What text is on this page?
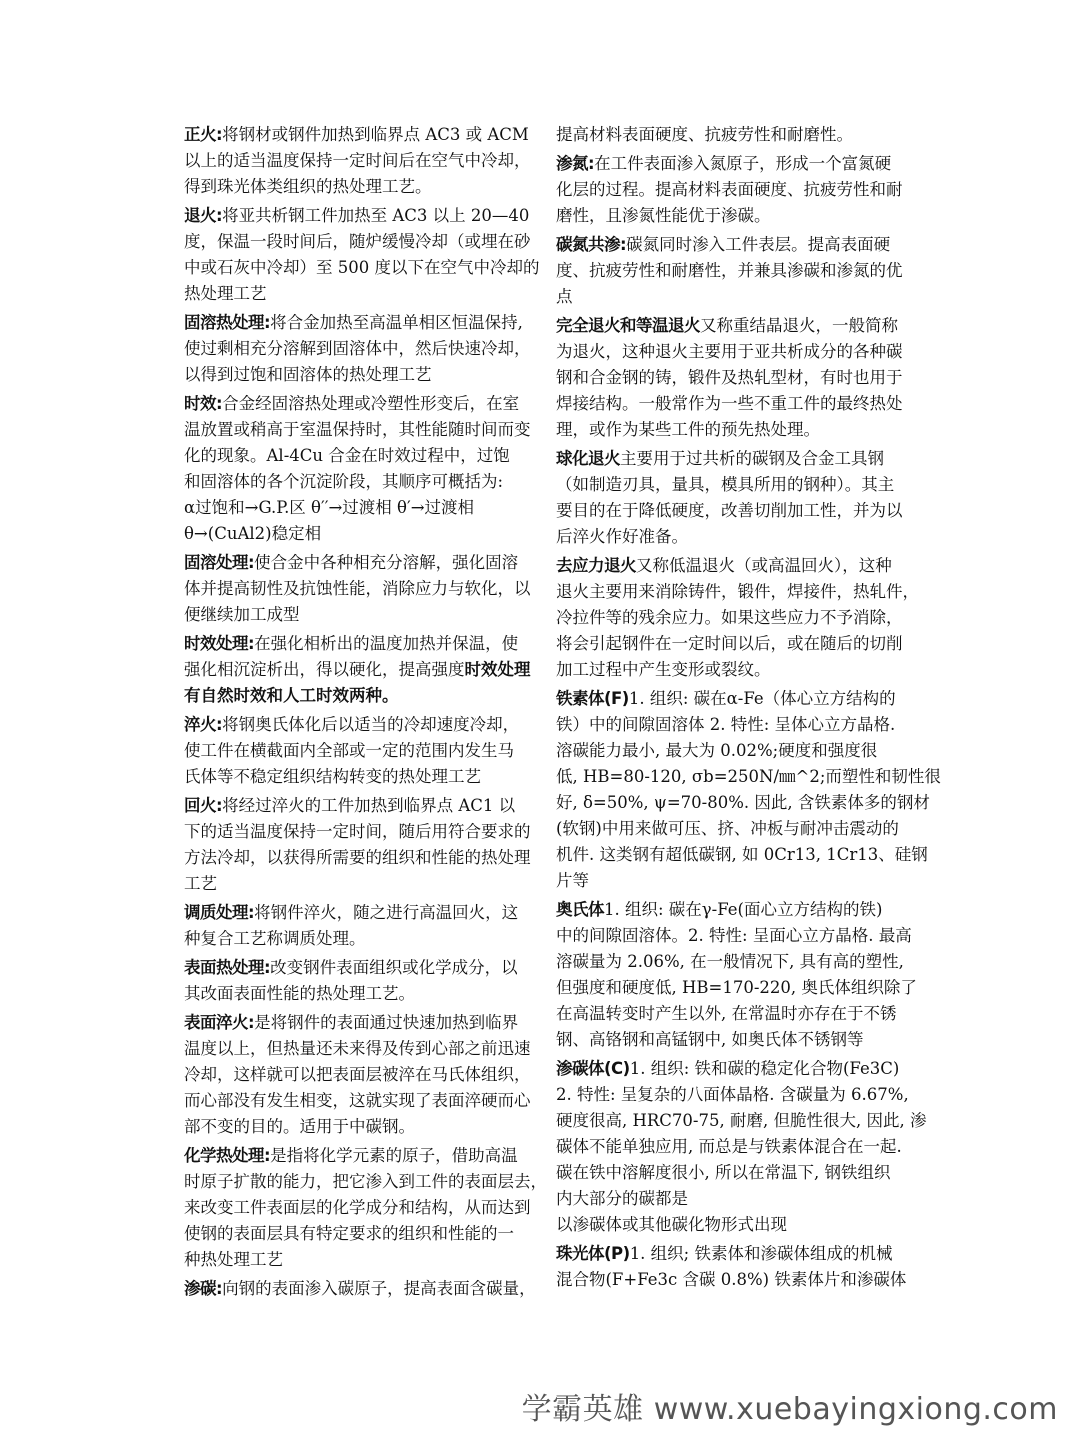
正火:将钢材或钢件加热到临界点 AC3 或 ACM
以上的适当温度保持一定时间后在空气中冷却，
得到珠光体类组织的热处理工艺。
退火:将亚共析钢工件加热至 AC3 以上 20—40
度，保温一段时间后，随炉缓慢冷却（或埋在砂
中或石灰中冷却）至 500 度以下在空气中冷却的
热处理工艺
固溶热处理:将合金加热至高温单相区恒温保持,
使过剩相充分溶解到固溶体中，然后快速冷却，
以得到过饱和固溶体的热处理工艺
时效:合金经固溶热处理或冷塑性形变后，在室
温放置或稍高于室温保持时，其性能随时间而变
化的现象。Al-4Cu 合金在时效过程中，过饱
和固溶体的各个沉淀阶段，其顺序可概括为:
α过饱和→G.P.区 θ′′→过渡相 θ′→过渡相
θ→(CuAl2)稳定相
固溶处理:使合金中各种相充分溶解，强化固溶
体并提高韧性及抗蚀性能，消除应力与软化，以
便继续加工成型
时效处理:在强化相析出的温度加热并保温，使
强化相沉淀析出，得以硬化，提高强度时效处理
有自然时效和人工时效两种。
淬火:将钢奥氏体化后以适当的冷却速度冷却，
使工件在横截面内全部或一定的范围内发生马
氏体等不稳定组织结构转变的热处理工艺
回火:将经过淬火的工件加热到临界点 AC1 以
下的适当温度保持一定时间，随后用符合要求的
方法冷却，以获得所需要的组织和性能的热处理
工艺
调质处理:将钢件淬火，随之进行高温回火，这
种复合工艺称调质处理。
表面热处理:改变钢件表面组织或化学成分，以
其改面表面性能的热处理工艺。
表面淬火:是将钢件的表面通过快速加热到临界
温度以上，但热量还未来得及传到心部之前迅速
冷却，这样就可以把表面层被淬在马氏体组织，
而心部没有发生相变，这就实现了表面淬硬而心
部不变的目的。适用于中碳钢。
化学热处理:是指将化学元素的原子，借助高温
时原子扩散的能力，把它渗入到工件的表面层去，
来改变工件表面层的化学成分和结构，从而达到
使钢的表面层具有特定要求的组织和性能的一
种热处理工艺
渗碳:向钢的表面渗入碳原子，提高表面含碳量，
提高材料表面硬度、抗疲劳性和耐磨性。
渗氮:在工件表面渗入氮原子，形成一个富氮硬
化层的过程。提高材料表面硬度、抗疲劳性和耐
磨性，且渗氮性能优于渗碳。
碳氮共渗:碳氮同时渗入工件表层。提高表面硬
度、抗疲劳性和耐磨性，并兼具渗碳和渗氮的优
点
完全退火和等温退火又称重结晶退火，一般简称
为退火，这种退火主要用于亚共析成分的各种碳
钢和合金钢的铸，锻件及热轧型材，有时也用于
焊接结构。一般常作为一些不重工件的最终热处
理，或作为某些工件的预先热处理。
球化退火主要用于过共析的碳钢及合金工具钢
（如制造刃具，量具，模具所用的钢种）。其主
要目的在于降低硬度，改善切削加工性，并为以
后淬火作好准备。
去应力退火又称低温退火（或高温回火），这种
退火主要用来消除铸件，锻件，焊接件，热轧件，
冷拉件等的残余应力。如果这些应力不予消除，
将会引起钢件在一定时间以后，或在随后的切削
加工过程中产生变形或裂纹。
铁素体(F)1. 组织: 碳在α-Fe（体心立方结构的
铁）中的间隙固溶体 2. 特性: 呈体心立方晶格.
溶碳能力最小, 最大为 0.02%;硬度和强度很
低, HB=80-120, σb=250N/㎜^2;而塑性和韧性很
好, δ=50%, ψ=70-80%. 因此, 含铁素体多的钢材
(软钢)中用来做可压、挤、冲板与耐冲击震动的
机件. 这类钢有超低碳钢, 如 0Cr13, 1Cr13、硅钢
片等
奥氏体1. 组织: 碳在γ-Fe(面心立方结构的铁)
中的间隙固溶体。2. 特性: 呈面心立方晶格. 最高
溶碳量为 2.06%, 在一般情况下, 具有高的塑性,
但强度和硬度低, HB=170-220, 奥氏体组织除了
在高温转变时产生以外, 在常温时亦存在于不锈
钢、高铬钢和高锰钢中, 如奥氏体不锈钢等
渗碳体(C)1. 组织: 铁和碳的稳定化合物(Fe3C)
2. 特性: 呈复杂的八面体晶格. 含碳量为 6.67%,
硬度很高, HRC70-75, 耐磨, 但脆性很大, 因此, 渗
碳体不能单独应用, 而总是与铁素体混合在一起.
碳在铁中溶解度很小, 所以在常温下, 钢铁组织
内大部分的碳都是
以渗碳体或其他碳化物形式出现
珠光体(P)1. 组织; 铁素体和渗碳体组成的机械
混合物(F+Fe3c 含碳 0.8%) 铁素体片和渗碳体
学霸英雄 www.xuebayingxiong.com
